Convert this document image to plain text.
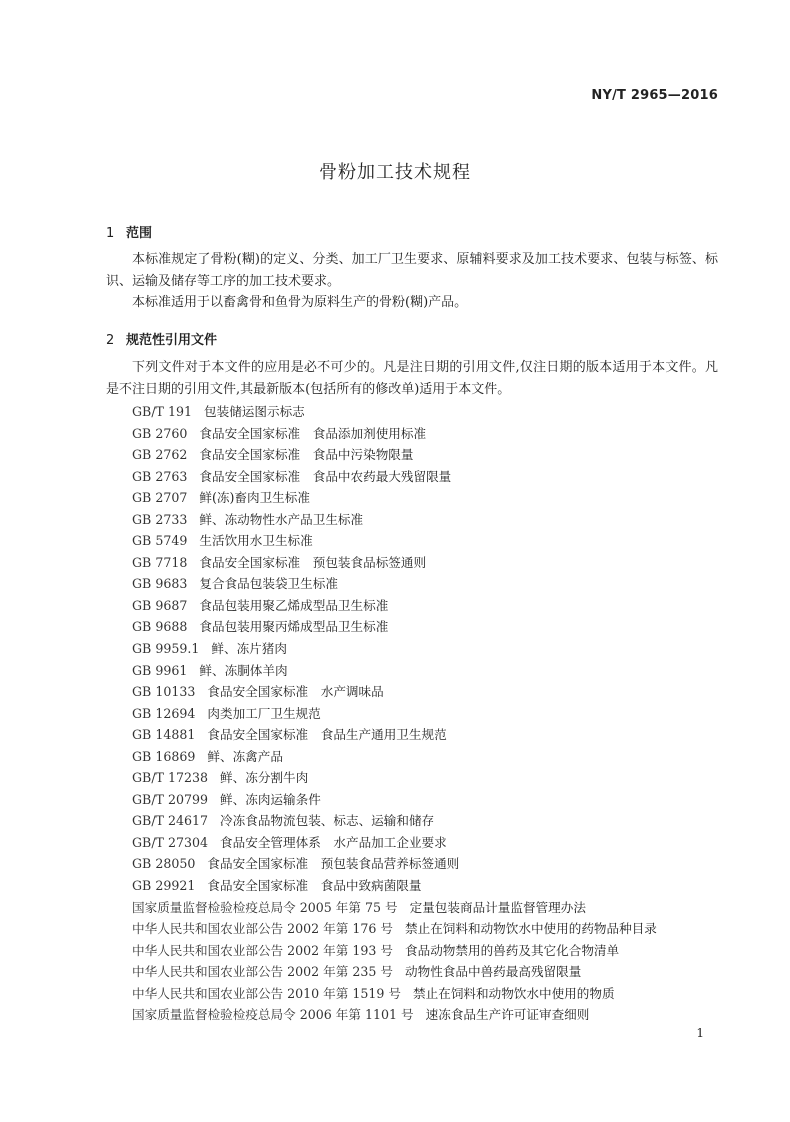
NY/T 2965—2016
骨粉加工技术规程
1 范围
本标准规定了骨粉(糊)的定义、分类、加工厂卫生要求、原辅料要求及加工技术要求、包装与标签、标识、运输及储存等工序的加工技术要求。
本标准适用于以畜禽骨和鱼骨为原料生产的骨粉(糊)产品。
2 规范性引用文件
下列文件对于本文件的应用是必不可少的。凡是注日期的引用文件,仅注日期的版本适用于本文件。凡是不注日期的引用文件,其最新版本(包括所有的修改单)适用于本文件。
GB/T 191 包装储运图示标志
GB 2760 食品安全国家标准　食品添加剂使用标准
GB 2762 食品安全国家标准　食品中污染物限量
GB 2763 食品安全国家标准　食品中农药最大残留限量
GB 2707 鲜(冻)畜肉卫生标准
GB 2733 鲜、冻动物性水产品卫生标准
GB 5749 生活饮用水卫生标准
GB 7718 食品安全国家标准　预包装食品标签通则
GB 9683 复合食品包装袋卫生标准
GB 9687 食品包装用聚乙烯成型品卫生标准
GB 9688 食品包装用聚丙烯成型品卫生标准
GB 9959.1 鲜、冻片猪肉
GB 9961 鲜、冻胴体羊肉
GB 10133 食品安全国家标准　水产调味品
GB 12694 肉类加工厂卫生规范
GB 14881 食品安全国家标准　食品生产通用卫生规范
GB 16869 鲜、冻禽产品
GB/T 17238 鲜、冻分割牛肉
GB/T 20799 鲜、冻肉运输条件
GB/T 24617 冷冻食品物流包装、标志、运输和储存
GB/T 27304 食品安全管理体系　水产品加工企业要求
GB 28050 食品安全国家标准　预包装食品营养标签通则
GB 29921 食品安全国家标准　食品中致病菌限量
国家质量监督检验检疫总局令 2005 年第 75 号 定量包装商品计量监督管理办法
中华人民共和国农业部公告 2002 年第 176 号 禁止在饲料和动物饮水中使用的药物品种目录
中华人民共和国农业部公告 2002 年第 193 号 食品动物禁用的兽药及其它化合物清单
中华人民共和国农业部公告 2002 年第 235 号 动物性食品中兽药最高残留限量
中华人民共和国农业部公告 2010 年第 1519 号 禁止在饲料和动物饮水中使用的物质
国家质量监督检验检疫总局令 2006 年第 1101 号 速冻食品生产许可证审查细则
1
